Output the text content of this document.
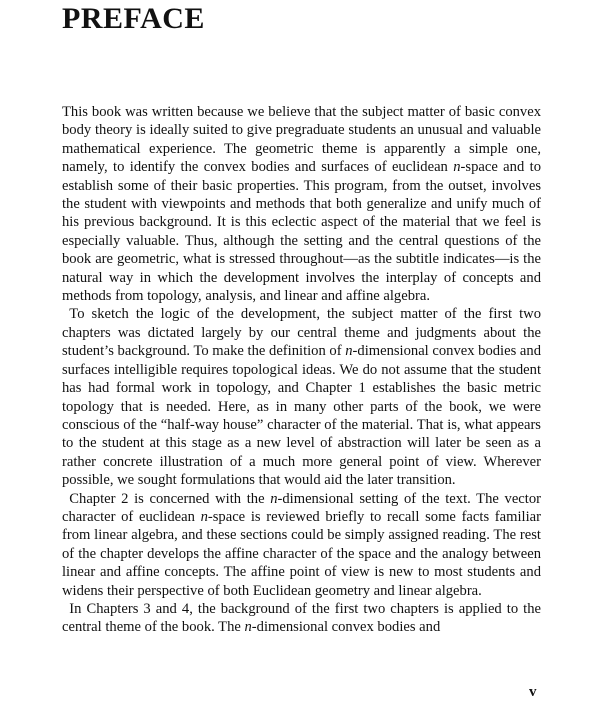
PREFACE

This book was written because we believe that the subject matter of basic convex body theory is ideally suited to give pregraduate students an unusual and valuable mathematical experience. The geometric theme is apparently a simple one, namely, to identify the convex bodies and surfaces of euclidean n-space and to establish some of their basic properties. This program, from the outset, involves the student with viewpoints and methods that both generalize and unify much of his previous background. It is this eclectic aspect of the material that we feel is especially valuable. Thus, although the setting and the central questions of the book are geometric, what is stressed throughout—as the subtitle indicates—is the natural way in which the development involves the interplay of concepts and methods from topology, analysis, and linear and affine algebra.

 To sketch the logic of the development, the subject matter of the first two chapters was dictated largely by our central theme and judgments about the student’s background. To make the definition of n-dimensional convex bodies and surfaces intelligible requires topological ideas. We do not assume that the student has had formal work in topology, and Chapter 1 establishes the basic metric topology that is needed. Here, as in many other parts of the book, we were conscious of the “half-way house” character of the material. That is, what appears to the student at this stage as a new level of abstraction will later be seen as a rather concrete illustration of a much more general point of view. Wherever possible, we sought formulations that would aid the later transition.

 Chapter 2 is concerned with the n-dimensional setting of the text. The vector character of euclidean n-space is reviewed briefly to recall some facts familiar from linear algebra, and these sections could be simply assigned reading. The rest of the chapter develops the affine character of the space and the analogy between linear and affine concepts. The affine point of view is new to most students and widens their perspective of both Euclidean geometry and linear algebra.

 In Chapters 3 and 4, the background of the first two chapters is applied to the central theme of the book. The n-dimensional convex bodies and

v
